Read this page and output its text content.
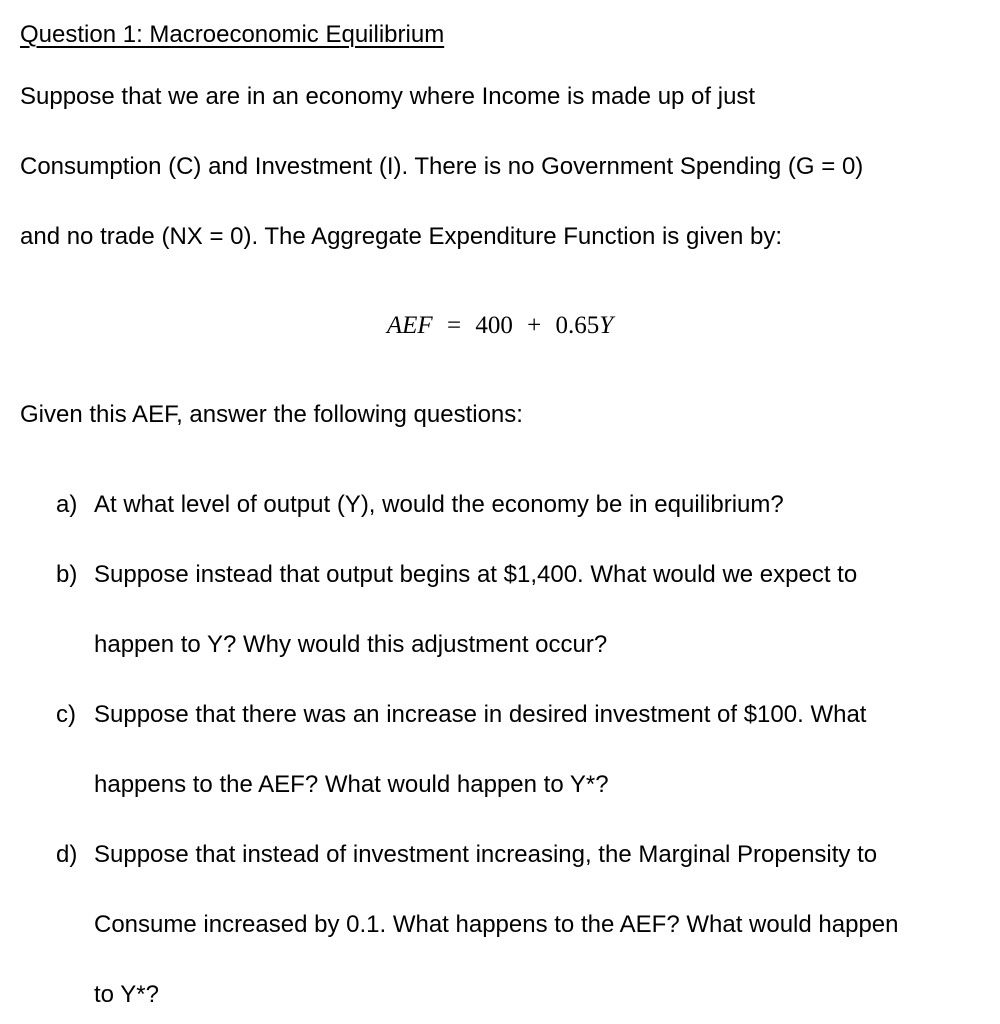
Question 1: Macroeconomic Equilibrium
Suppose that we are in an economy where Income is made up of just
Consumption (C) and Investment (I). There is no Government Spending (G = 0)
and no trade (NX = 0). The Aggregate Expenditure Function is given by:
AEF = 400 + 0.65Y
Given this AEF, answer the following questions:
a) At what level of output (Y), would the economy be in equilibrium?
b) Suppose instead that output begins at $1,400. What would we expect to
happen to Y? Why would this adjustment occur?
c) Suppose that there was an increase in desired investment of $100. What
happens to the AEF? What would happen to Y*?
d) Suppose that instead of investment increasing, the Marginal Propensity to
Consume increased by 0.1. What happens to the AEF? What would happen
to Y*?
